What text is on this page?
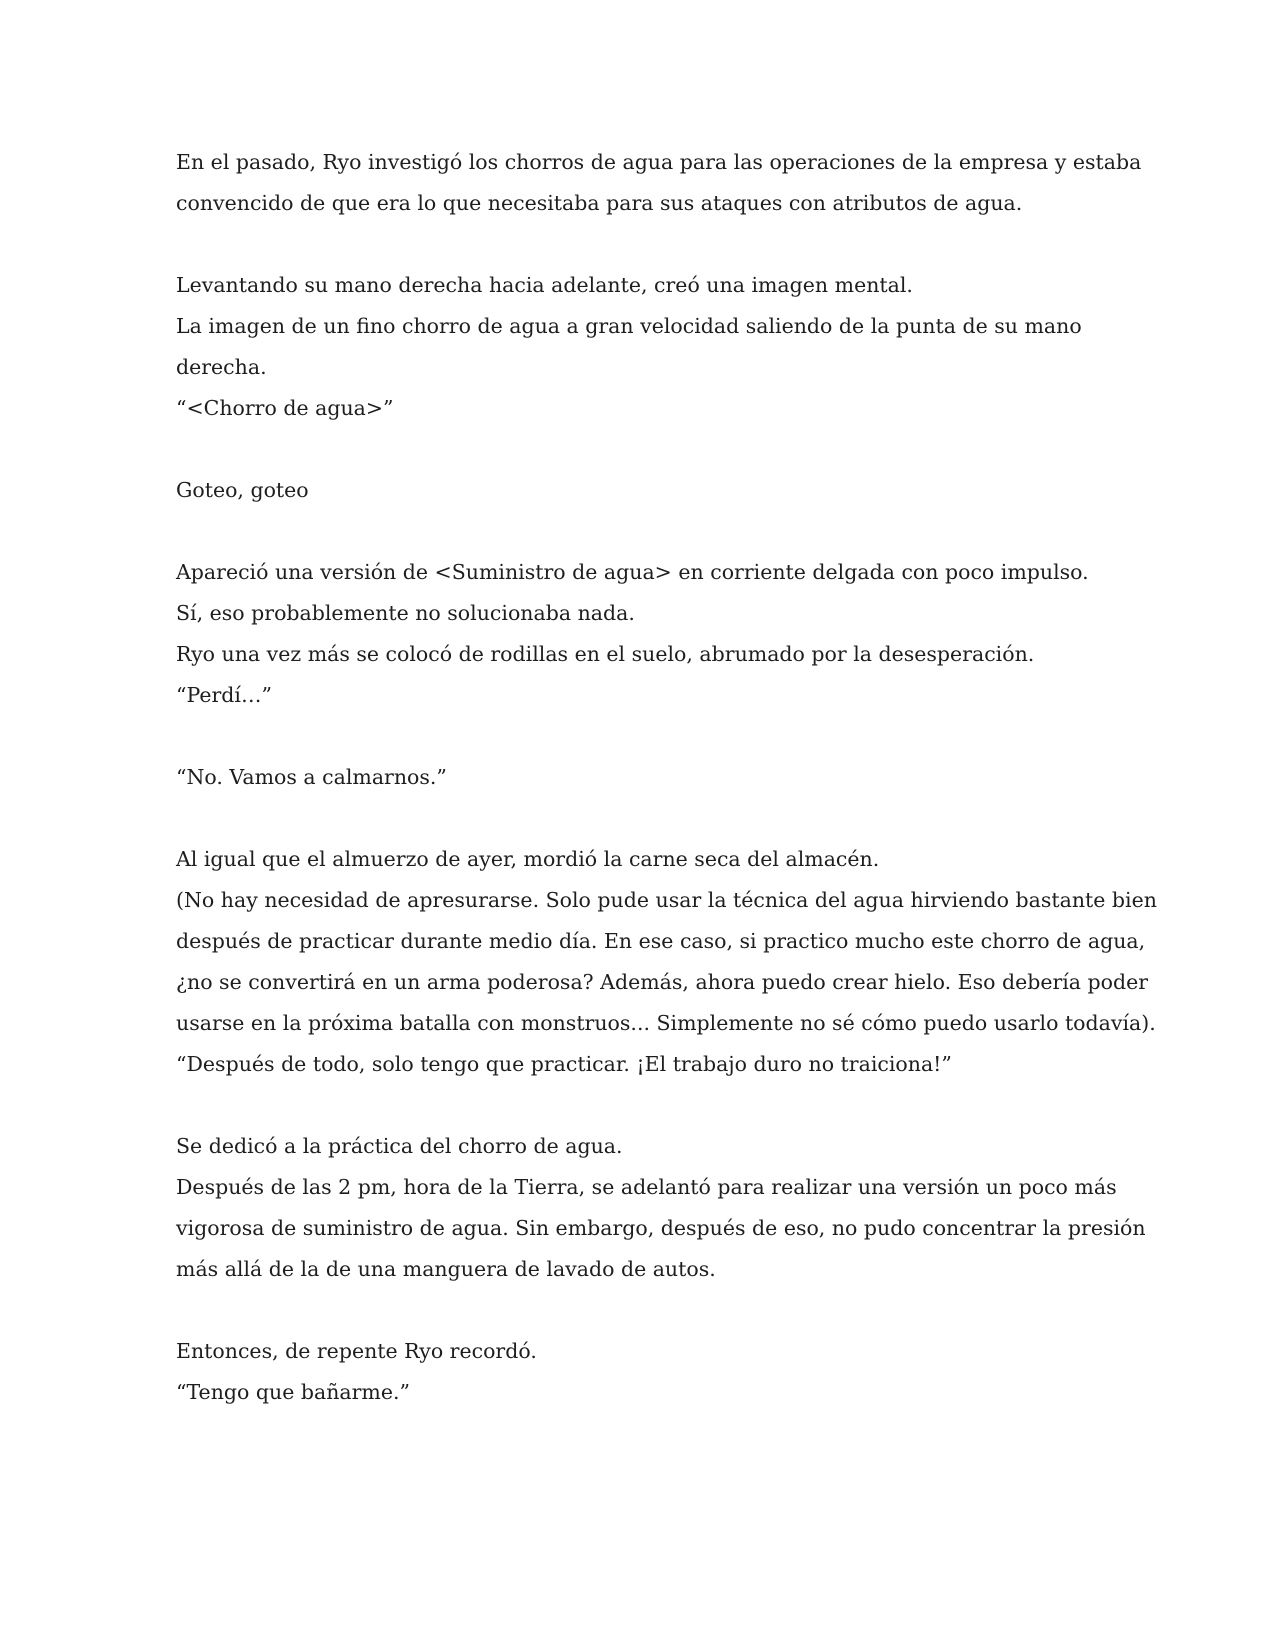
En el pasado, Ryo investigó los chorros de agua para las operaciones de la empresa y estaba
convencido de que era lo que necesitaba para sus ataques con atributos de agua.

Levantando su mano derecha hacia adelante, creó una imagen mental.
La imagen de un fino chorro de agua a gran velocidad saliendo de la punta de su mano
derecha.
“<Chorro de agua>”

Goteo, goteo

Apareció una versión de <Suministro de agua> en corriente delgada con poco impulso.
Sí, eso probablemente no solucionaba nada.
Ryo una vez más se colocó de rodillas en el suelo, abrumado por la desesperación.
“Perdí…”

“No. Vamos a calmarnos.”

Al igual que el almuerzo de ayer, mordió la carne seca del almacén.
(No hay necesidad de apresurarse. Solo pude usar la técnica del agua hirviendo bastante bien
después de practicar durante medio día. En ese caso, si practico mucho este chorro de agua,
¿no se convertirá en un arma poderosa? Además, ahora puedo crear hielo. Eso debería poder
usarse en la próxima batalla con monstruos... Simplemente no sé cómo puedo usarlo todavía).
“Después de todo, solo tengo que practicar. ¡El trabajo duro no traiciona!”

Se dedicó a la práctica del chorro de agua.
Después de las 2 pm, hora de la Tierra, se adelantó para realizar una versión un poco más
vigorosa de suministro de agua. Sin embargo, después de eso, no pudo concentrar la presión
más allá de la de una manguera de lavado de autos.

Entonces, de repente Ryo recordó.
“Tengo que bañarme.”
